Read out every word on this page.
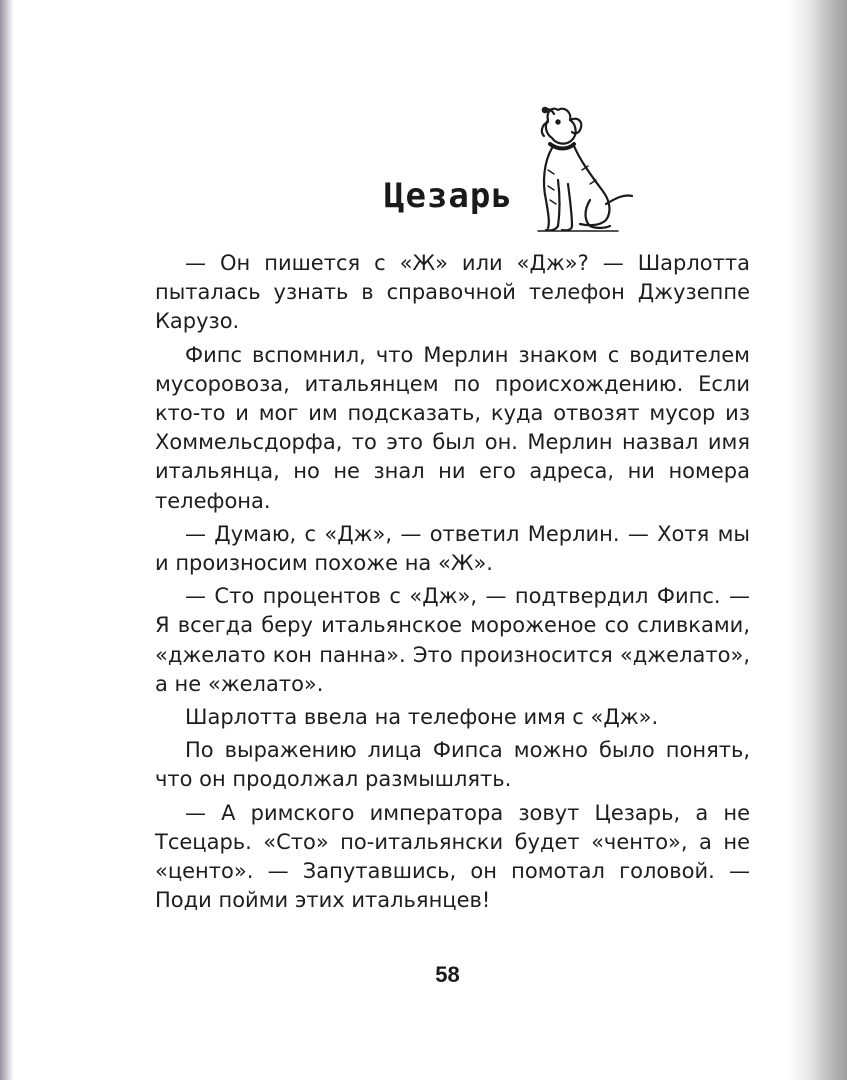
Цезарь

— Он пишется с «Ж» или «Дж»? — Шарлотта пыталась узнать в справочной телефон Джузеппе Карузо.

Фипс вспомнил, что Мерлин знаком с водителем мусоровоза, итальянцем по происхождению. Если кто-то и мог им подсказать, куда отвозят мусор из Хоммельсдорфа, то это был он. Мерлин назвал имя итальянца, но не знал ни его адреса, ни номера телефона.

— Думаю, с «Дж», — ответил Мерлин. — Хотя мы и произносим похоже на «Ж».

— Сто процентов с «Дж», — подтвердил Фипс. — Я всегда беру итальянское мороженое со сливками, «джелато кон панна». Это произносится «джелато», а не «желато».

Шарлотта ввела на телефоне имя с «Дж».

По выражению лица Фипса можно было понять, что он продолжал размышлять.

— А римского императора зовут Цезарь, а не Тсецарь. «Сто» по-итальянски будет «ченто», а не «центо». — Запутавшись, он помотал головой. — Поди пойми этих итальянцев!

58
